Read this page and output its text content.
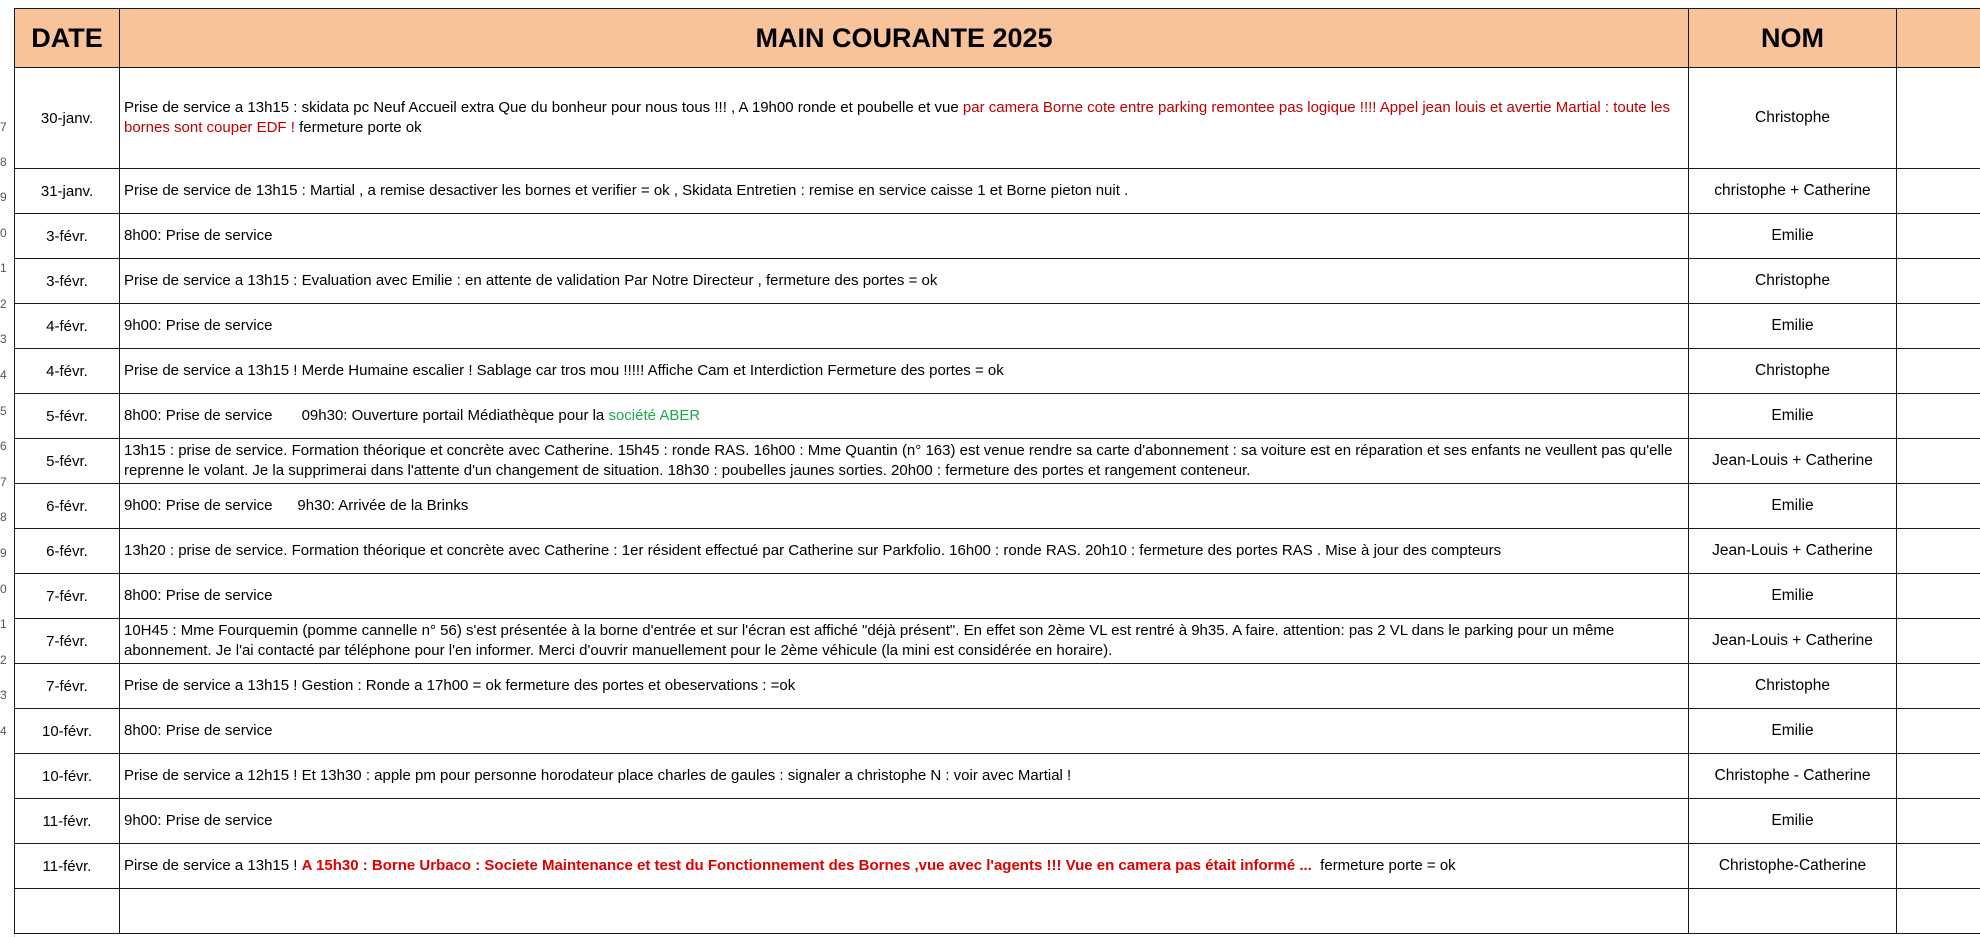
7
8
9
0
1
2
3
4
5
6
7
8
9
0
1
2
3
4
DATE	MAIN COURANTE 2025	NOM	
30-janv.	Prise de service a 13h15 : skidata pc Neuf Accueil extra Que du bonheur pour nous tous !!! , A 19h00 ronde et poubelle et vue par camera Borne cote entre parking remontee pas logique !!!! Appel jean louis et avertie Martial : toute les bornes sont couper EDF ! fermeture porte ok	Christophe	
31-janv.	Prise de service de 13h15 : Martial , a remise desactiver les bornes et verifier = ok , Skidata Entretien : remise en service caisse 1 et Borne pieton nuit .	christophe + Catherine	
3-févr.	8h00: Prise de service	Emilie	
3-févr.	Prise de service a 13h15 : Evaluation avec Emilie : en attente de validation Par Notre Directeur , fermeture des portes = ok	Christophe	
4-févr.	9h00: Prise de service	Emilie	
4-févr.	Prise de service a 13h15 ! Merde Humaine escalier ! Sablage car tros mou !!!!! Affiche Cam et Interdiction Fermeture des portes = ok	Christophe	
5-févr.	8h00: Prise de service       09h30: Ouverture portail Médiathèque pour la société ABER	Emilie	
5-févr.	13h15 : prise de service. Formation théorique et concrète avec Catherine. 15h45 : ronde RAS. 16h00 : Mme Quantin (n° 163) est venue rendre sa carte d'abonnement : sa voiture est en réparation et ses enfants ne veullent pas qu'elle reprenne le volant. Je la supprimerai dans l'attente d'un changement de situation. 18h30 : poubelles jaunes sorties. 20h00 : fermeture des portes et rangement conteneur.	Jean-Louis + Catherine	
6-févr.	9h00: Prise de service      9h30: Arrivée de la Brinks	Emilie	
6-févr.	13h20 : prise de service. Formation théorique et concrète avec Catherine : 1er résident effectué par Catherine sur Parkfolio. 16h00 : ronde RAS. 20h10 : fermeture des portes RAS . Mise à jour des compteurs	Jean-Louis + Catherine	
7-févr.	8h00: Prise de service	Emilie	
7-févr.	10H45 : Mme Fourquemin (pomme cannelle n° 56) s'est présentée à la borne d'entrée et sur l'écran est affiché "déjà présent". En effet son 2ème VL est rentré à 9h35. A faire. attention: pas 2 VL dans le parking pour un même abonnement. Je l'ai contacté par téléphone pour l'en informer. Merci d'ouvrir manuellement pour le 2ème véhicule (la mini est considérée en horaire).	Jean-Louis + Catherine	
7-févr.	Prise de service a 13h15 ! Gestion : Ronde a 17h00 = ok fermeture des portes et obeservations : =ok	Christophe	
10-févr.	8h00: Prise de service	Emilie	
10-févr.	Prise de service a 12h15 ! Et 13h30 : apple pm pour personne horodateur place charles de gaules : signaler a christophe N : voir avec Martial !	Christophe - Catherine	
11-févr.	9h00: Prise de service	Emilie	
11-févr.	Pirse de service a 13h15 ! A 15h30 : Borne Urbaco : Societe Maintenance et test du Fonctionnement des Bornes ,vue avec l'agents !!! Vue en camera pas était informé ...  fermeture porte = ok	Christophe-Catherine	
